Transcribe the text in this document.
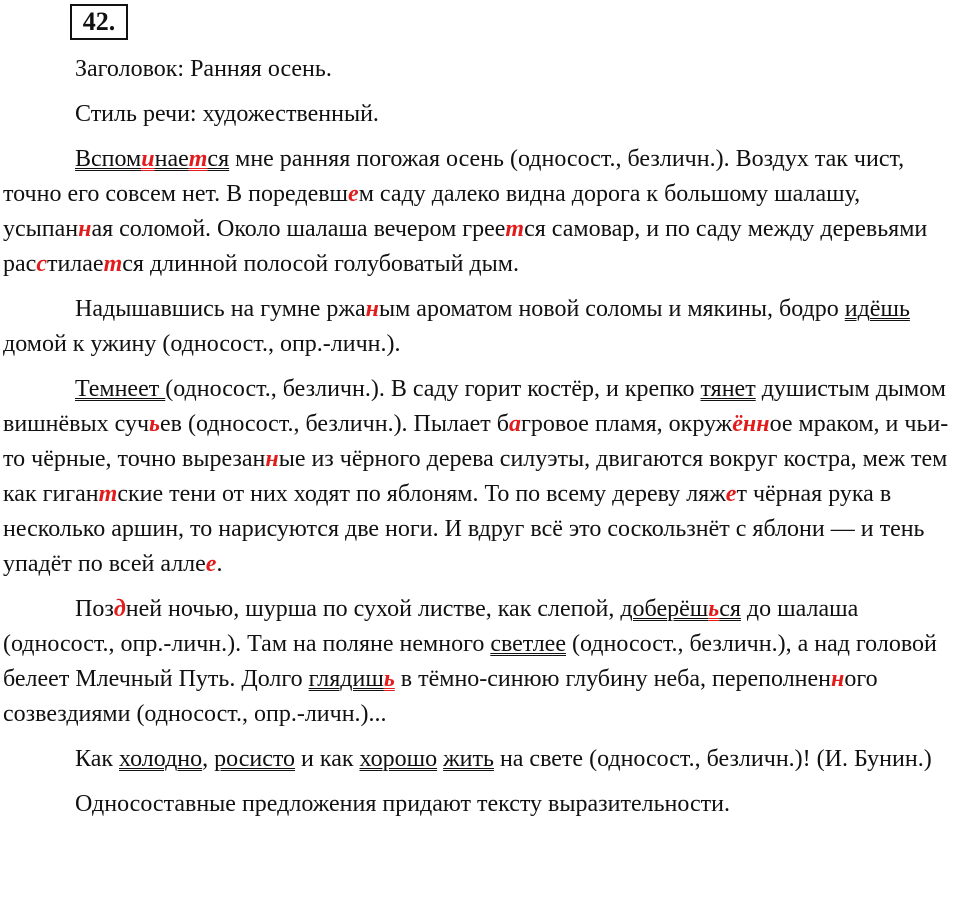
42.

Заголовок: Ранняя осень.

Стиль речи: художественный.

Вспоминается мне ранняя погожая осень (односост., безличн.). Воздух так чист, точно его совсем нет. В поредевшем саду далеко видна дорога к большому шалашу, усыпанная соломой. Около шалаша вечером греется самовар, и по саду между деревьями расстилается длинной полосой голубоватый дым.

Надышавшись на гумне ржаным ароматом новой соломы и мякины, бодро идёшь домой к ужину (односост., опр.-личн.).

Темнеет (односост., безличн.). В саду горит костёр, и крепко тянет душистым дымом вишнёвых сучьев (односост., безличн.). Пылает багровое пламя, окружённое мраком, и чьи-то чёрные, точно вырезанные из чёрного дерева силуэты, двигаются вокруг костра, меж тем как гигантские тени от них ходят по яблоням. То по всему дереву ляжет чёрная рука в несколько аршин, то нарисуются две ноги. И вдруг всё это соскользнёт с яблони — и тень упадёт по всей аллее.

Поздней ночью, шурша по сухой листве, как слепой, доберёшься до шалаша (односост., опр.-личн.). Там на поляне немного светлее (односост., безличн.), а над головой белеет Млечный Путь. Долго глядишь в тёмно-синюю глубину неба, переполненного созвездиями (односост., опр.-личн.)...

Как холодно, росисто и как хорошо жить на свете (односост., безличн.)! (И. Бунин.)

Односоставные предложения придают тексту выразительности.
